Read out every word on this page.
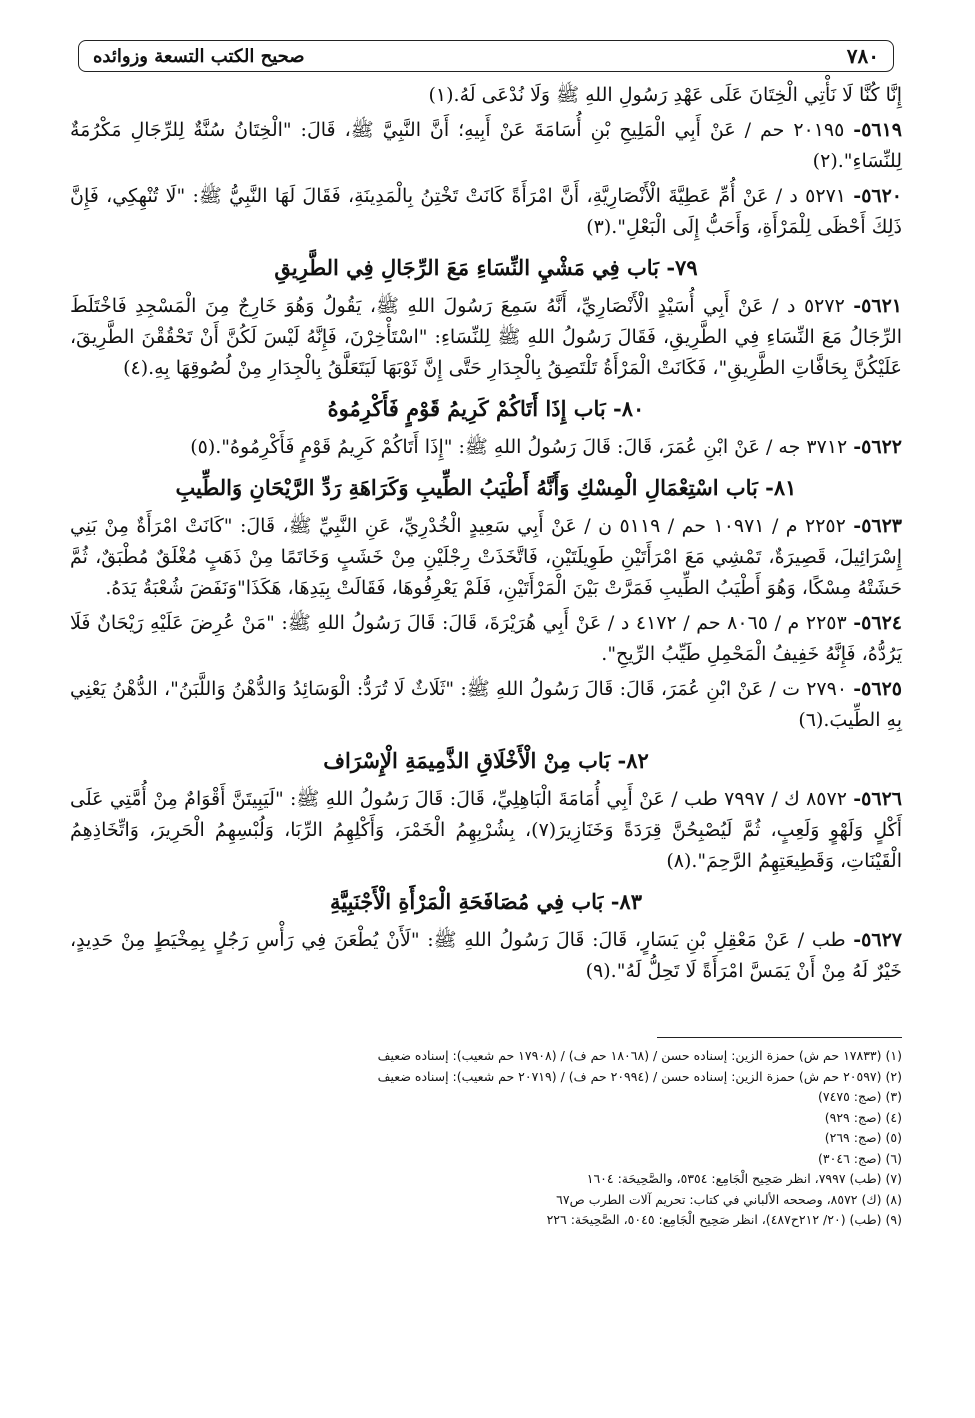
٧٨٠
صحيح الكتب التسعة وزوائده

إِنَّا كُنَّا لَا نَأْتِي الْخِتَانَ عَلَى عَهْدِ رَسُولِ اللهِ ﷺ وَلَا نُدْعَى لَهُ.(١)

٥٦١٩- ٢٠١٩٥ حم / عَنْ أَبِي الْمَلِيحِ بْنِ أُسَامَةَ عَنْ أَبِيهِ؛ أَنَّ النَّبِيَّ ﷺ، قَالَ: "الْخِتَانُ سُنَّةٌ لِلرِّجَالِ مَكْرُمَةٌ لِلنِّسَاءِ".(٢)

٥٦٢٠- ٥٢٧١ د / عَنْ أُمِّ عَطِيَّةَ الْأَنْصَارِيَّةِ، أَنَّ امْرَأَةً كَانَتْ تَخْتِنُ بِالْمَدِينَةِ، فَقَالَ لَهَا النَّبِيُّ ﷺ: "لَا تُنْهِكِي، فَإِنَّ ذَلِكَ أَحْظَى لِلْمَرْأَةِ، وَأَحَبُّ إِلَى الْبَعْلِ".(٣)

٧٩- بَاب فِي مَشْيِ النِّسَاءِ مَعَ الرِّجَالِ فِي الطَّرِيقِ

٥٦٢١- ٥٢٧٢ د / عَنْ أَبِي أُسَيْدٍ الْأَنْصَارِيِّ، أَنَّهُ سَمِعَ رَسُولَ اللهِ ﷺ، يَقُولُ وَهُوَ خَارِجٌ مِنَ الْمَسْجِدِ فَاخْتَلَطَ الرِّجَالُ مَعَ النِّسَاءِ فِي الطَّرِيقِ، فَقَالَ رَسُولُ اللهِ ﷺ لِلنِّسَاءِ: "اسْتَأْخِرْنَ، فَإِنَّهُ لَيْسَ لَكُنَّ أَنْ تَحْقُقْنَ الطَّرِيقَ، عَلَيْكُنَّ بِحَافَّاتِ الطَّرِيقِ"، فَكَانَتْ الْمَرْأَةُ تَلْتَصِقُ بِالْجِدَارِ حَتَّى إِنَّ ثَوْبَهَا لَيَتَعَلَّقُ بِالْجِدَارِ مِنْ لُصُوقِهَا بِهِ.(٤)

٨٠- بَاب إِذَا أَتَاكُمْ كَرِيمُ قَوْمٍ فَأَكْرِمُوهُ

٥٦٢٢- ٣٧١٢ جه / عَنْ ابْنِ عُمَرَ، قَالَ: قَالَ رَسُولُ اللهِ ﷺ: "إِذَا أَتَاكُمْ كَرِيمُ قَوْمٍ فَأَكْرِمُوهُ".(٥)

٨١- بَاب اسْتِعْمَالِ الْمِسْكِ وَأَنَّهُ أَطْيَبُ الطِّيبِ وَكَرَاهَةِ رَدِّ الرَّيْحَانِ وَالطِّيبِ

٥٦٢٣- ٢٢٥٢ م / ١٠٩٧١ حم / ٥١١٩ ن / عَنْ أَبِي سَعِيدٍ الْخُدْرِيِّ، عَنِ النَّبِيِّ ﷺ، قَالَ: "كَانَتْ امْرَأَةٌ مِنْ بَنِي إِسْرَائِيلَ، قَصِيرَةٌ، تَمْشِي مَعَ امْرَأَتَيْنِ طَوِيلَتَيْنِ، فَاتَّخَذَتْ رِجْلَيْنِ مِنْ خَشَبٍ وَخَاتَمًا مِنْ ذَهَبٍ مُغْلَقٌ مُطْبَقٌ، ثُمَّ حَشَتْهُ مِسْكًا، وَهُوَ أَطْيَبُ الطِّيبِ فَمَرَّتْ بَيْنَ الْمَرْأَتَيْنِ، فَلَمْ يَعْرِفُوهَا، فَقَالَتْ بِيَدِهَا، هَكَذَا"وَنَفَضَ شُعْبَةُ يَدَهُ.

٥٦٢٤- ٢٢٥٣ م / ٨٠٦٥ حم / ٤١٧٢ د / عَنْ أَبِي هُرَيْرَةَ، قَالَ: قَالَ رَسُولُ اللهِ ﷺ: "مَنْ عُرِضَ عَلَيْهِ رَيْحَانٌ فَلَا يَرُدُّهُ، فَإِنَّهُ خَفِيفُ الْمَحْمِلِ طَيِّبُ الرِّيحِ".

٥٦٢٥- ٢٧٩٠ ت / عَنْ ابْنِ عُمَرَ، قَالَ: قَالَ رَسُولُ اللهِ ﷺ: "ثَلَاثٌ لَا تُرَدُّ: الْوَسَائِدُ وَالدُّهْنُ وَاللَّبَنُ"، الدُّهْنُ يَعْنِي بِهِ الطِّيبَ.(٦)

٨٢- بَاب مِنْ الْأَخْلَاقِ الذَّمِيمَةِ الْإِسْرَاف

٥٦٢٦- ٨٥٧٢ ك / ٧٩٩٧ طب / عَنْ أَبِي أُمَامَةَ الْبَاهِلِيِّ، قَالَ: قَالَ رَسُولُ اللهِ ﷺ: "لَيَبِيتَنَّ أَقْوَامٌ مِنْ أُمَّتِي عَلَى أَكْلٍ وَلَهْوٍ وَلَعِبٍ، ثُمَّ لَيُصْبِحُنَّ قِرَدَةً وَخَنَازِيرَ(٧)، بِشُرْبِهِمُ الْخَمْرَ، وَأَكْلِهِمُ الرِّبَا، وَلُبْسِهِمُ الْحَرِيرَ، وَاتِّخَاذِهِمُ الْقَيْنَاتِ، وَقَطِيعَتِهِمُ الرَّحِمَ".(٨)

٨٣- بَاب فِي مُصَافَحَةِ الْمَرْأَةِ الْأَجْنَبِيَّةِ

٥٦٢٧- طب / عَنْ مَعْقِلِ بْنِ يَسَارٍ، قَالَ: قَالَ رَسُولُ اللهِ ﷺ: "لَأَنْ يُطْعَنَ فِي رَأْسِ رَجُلٍ بِمِخْيَطٍ مِنْ حَدِيدٍ، خَيْرٌ لَهُ مِنْ أَنْ يَمَسَّ امْرَأَةً لَا تَحِلُّ لَهُ".(٩)

(١) (١٧٨٣٣ حم ش) حمزة الزين: إسناده حسن / (١٨٠٦٨ حم ف) / (١٧٩٠٨ حم شعيب): إسناده ضعيف
(٢) (٢٠٥٩٧ حم ش) حمزة الزين: إسناده حسن / (٢٠٩٩٤ حم ف) / (٢٠٧١٩ حم شعيب): إسناده ضعيف
(٣) (صج: ٧٤٧٥)
(٤) (صج: ٩٢٩)
(٥) (صج: ٢٦٩)
(٦) (صج: ٣٠٤٦)
(٧) (طب) ٧٩٩٧، انظر صَحِيح الْجَامِع: ٥٣٥٤، والصَّحِيحَة: ١٦٠٤
(٨) (ك) ٨٥٧٢، وصححه الألباني في كتاب: تحريم آلات الطرب ص٦٧
(٩) (طب) (٢٠/ ٢١٢ح٤٨٧)، انظر صَحِيح الْجَامِع: ٥٠٤٥، الصَّحِيحَة: ٢٢٦
